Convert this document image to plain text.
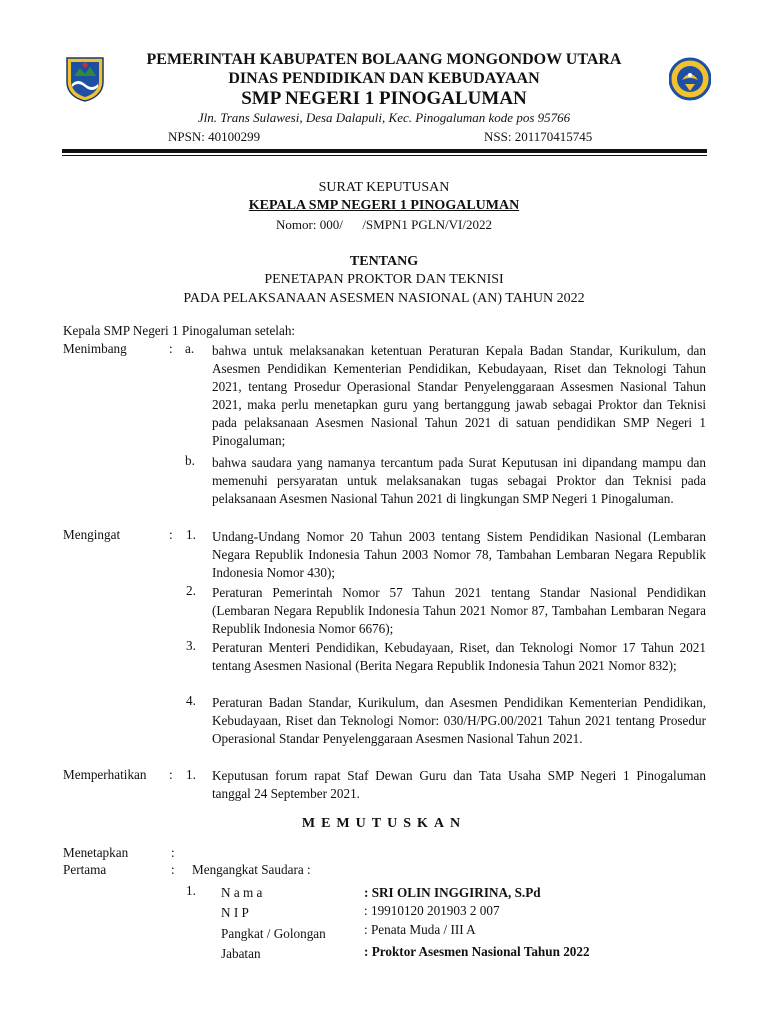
PEMERINTAH KABUPATEN BOLAANG MONGONDOW UTARA
DINAS PENDIDIKAN DAN KEBUDAYAAN
SMP NEGERI 1 PINOGALUMAN
Jln. Trans Sulawesi, Desa Dalapuli, Kec. Pinogaluman kode pos 95766
NPSN: 40100299	NSS: 201170415745
SURAT KEPUTUSAN
KEPALA SMP NEGERI 1 PINOGALUMAN
Nomor: 000/      /SMPN1 PGLN/VI/2022
TENTANG
PENETAPAN PROKTOR DAN TEKNISI
PADA PELAKSANAAN ASESMEN NASIONAL (AN) TAHUN 2022
Kepala SMP Negeri 1 Pinogaluman setelah:
Menimbang	: a. bahwa untuk melaksanakan ketentuan Peraturan Kepala Badan Standar, Kurikulum, dan Asesmen Pendidikan Kementerian Pendidikan, Kebudayaan, Riset dan Teknologi Tahun 2021, tentang Prosedur Operasional Standar Penyelenggaraan Assesmen Nasional Tahun 2021, maka perlu menetapkan guru yang bertanggung jawab sebagai Proktor dan Teknisi pada pelaksanaan Asesmen Nasional Tahun 2021 di satuan pendidikan SMP Negeri 1 Pinogaluman;
b. bahwa saudara yang namanya tercantum pada Surat Keputusan ini dipandang mampu dan memenuhi persyaratan untuk melaksanakan tugas sebagai Proktor dan Teknisi pada pelaksanaan Asesmen Nasional Tahun 2021 di lingkungan SMP Negeri 1 Pinogaluman.
Mengingat	: 1. Undang-Undang Nomor 20 Tahun 2003 tentang Sistem Pendidikan Nasional (Lembaran Negara Republik Indonesia Tahun 2003 Nomor 78, Tambahan Lembaran Negara Republik Indonesia Nomor 430);
2. Peraturan Pemerintah Nomor 57 Tahun 2021 tentang Standar Nasional Pendidikan (Lembaran Negara Republik Indonesia Tahun 2021 Nomor 87, Tambahan Lembaran Negara Republik Indonesia Nomor 6676);
3. Peraturan Menteri Pendidikan, Kebudayaan, Riset, dan Teknologi Nomor 17 Tahun 2021 tentang Asesmen Nasional (Berita Negara Republik Indonesia Tahun 2021 Nomor 832);
4. Peraturan Badan Standar, Kurikulum, dan Asesmen Pendidikan Kementerian Pendidikan, Kebudayaan, Riset dan Teknologi Nomor: 030/H/PG.00/2021 Tahun 2021 tentang Prosedur Operasional Standar Penyelenggaraan Asesmen Nasional Tahun 2021.
Memperhatikan : 1. Keputusan forum rapat Staf Dewan Guru dan Tata Usaha SMP Negeri 1 Pinogaluman tanggal 24 September 2021.
MEMUTUSKAN
Menetapkan	:
Pertama	: Mengangkat Saudara :
1. N a m a	: SRI OLIN INGGIRINA, S.Pd
N I P	: 19910120 201903 2 007
Pangkat / Golongan	: Penata Muda / III A
Jabatan	: Proktor Asesmen Nasional Tahun 2022
